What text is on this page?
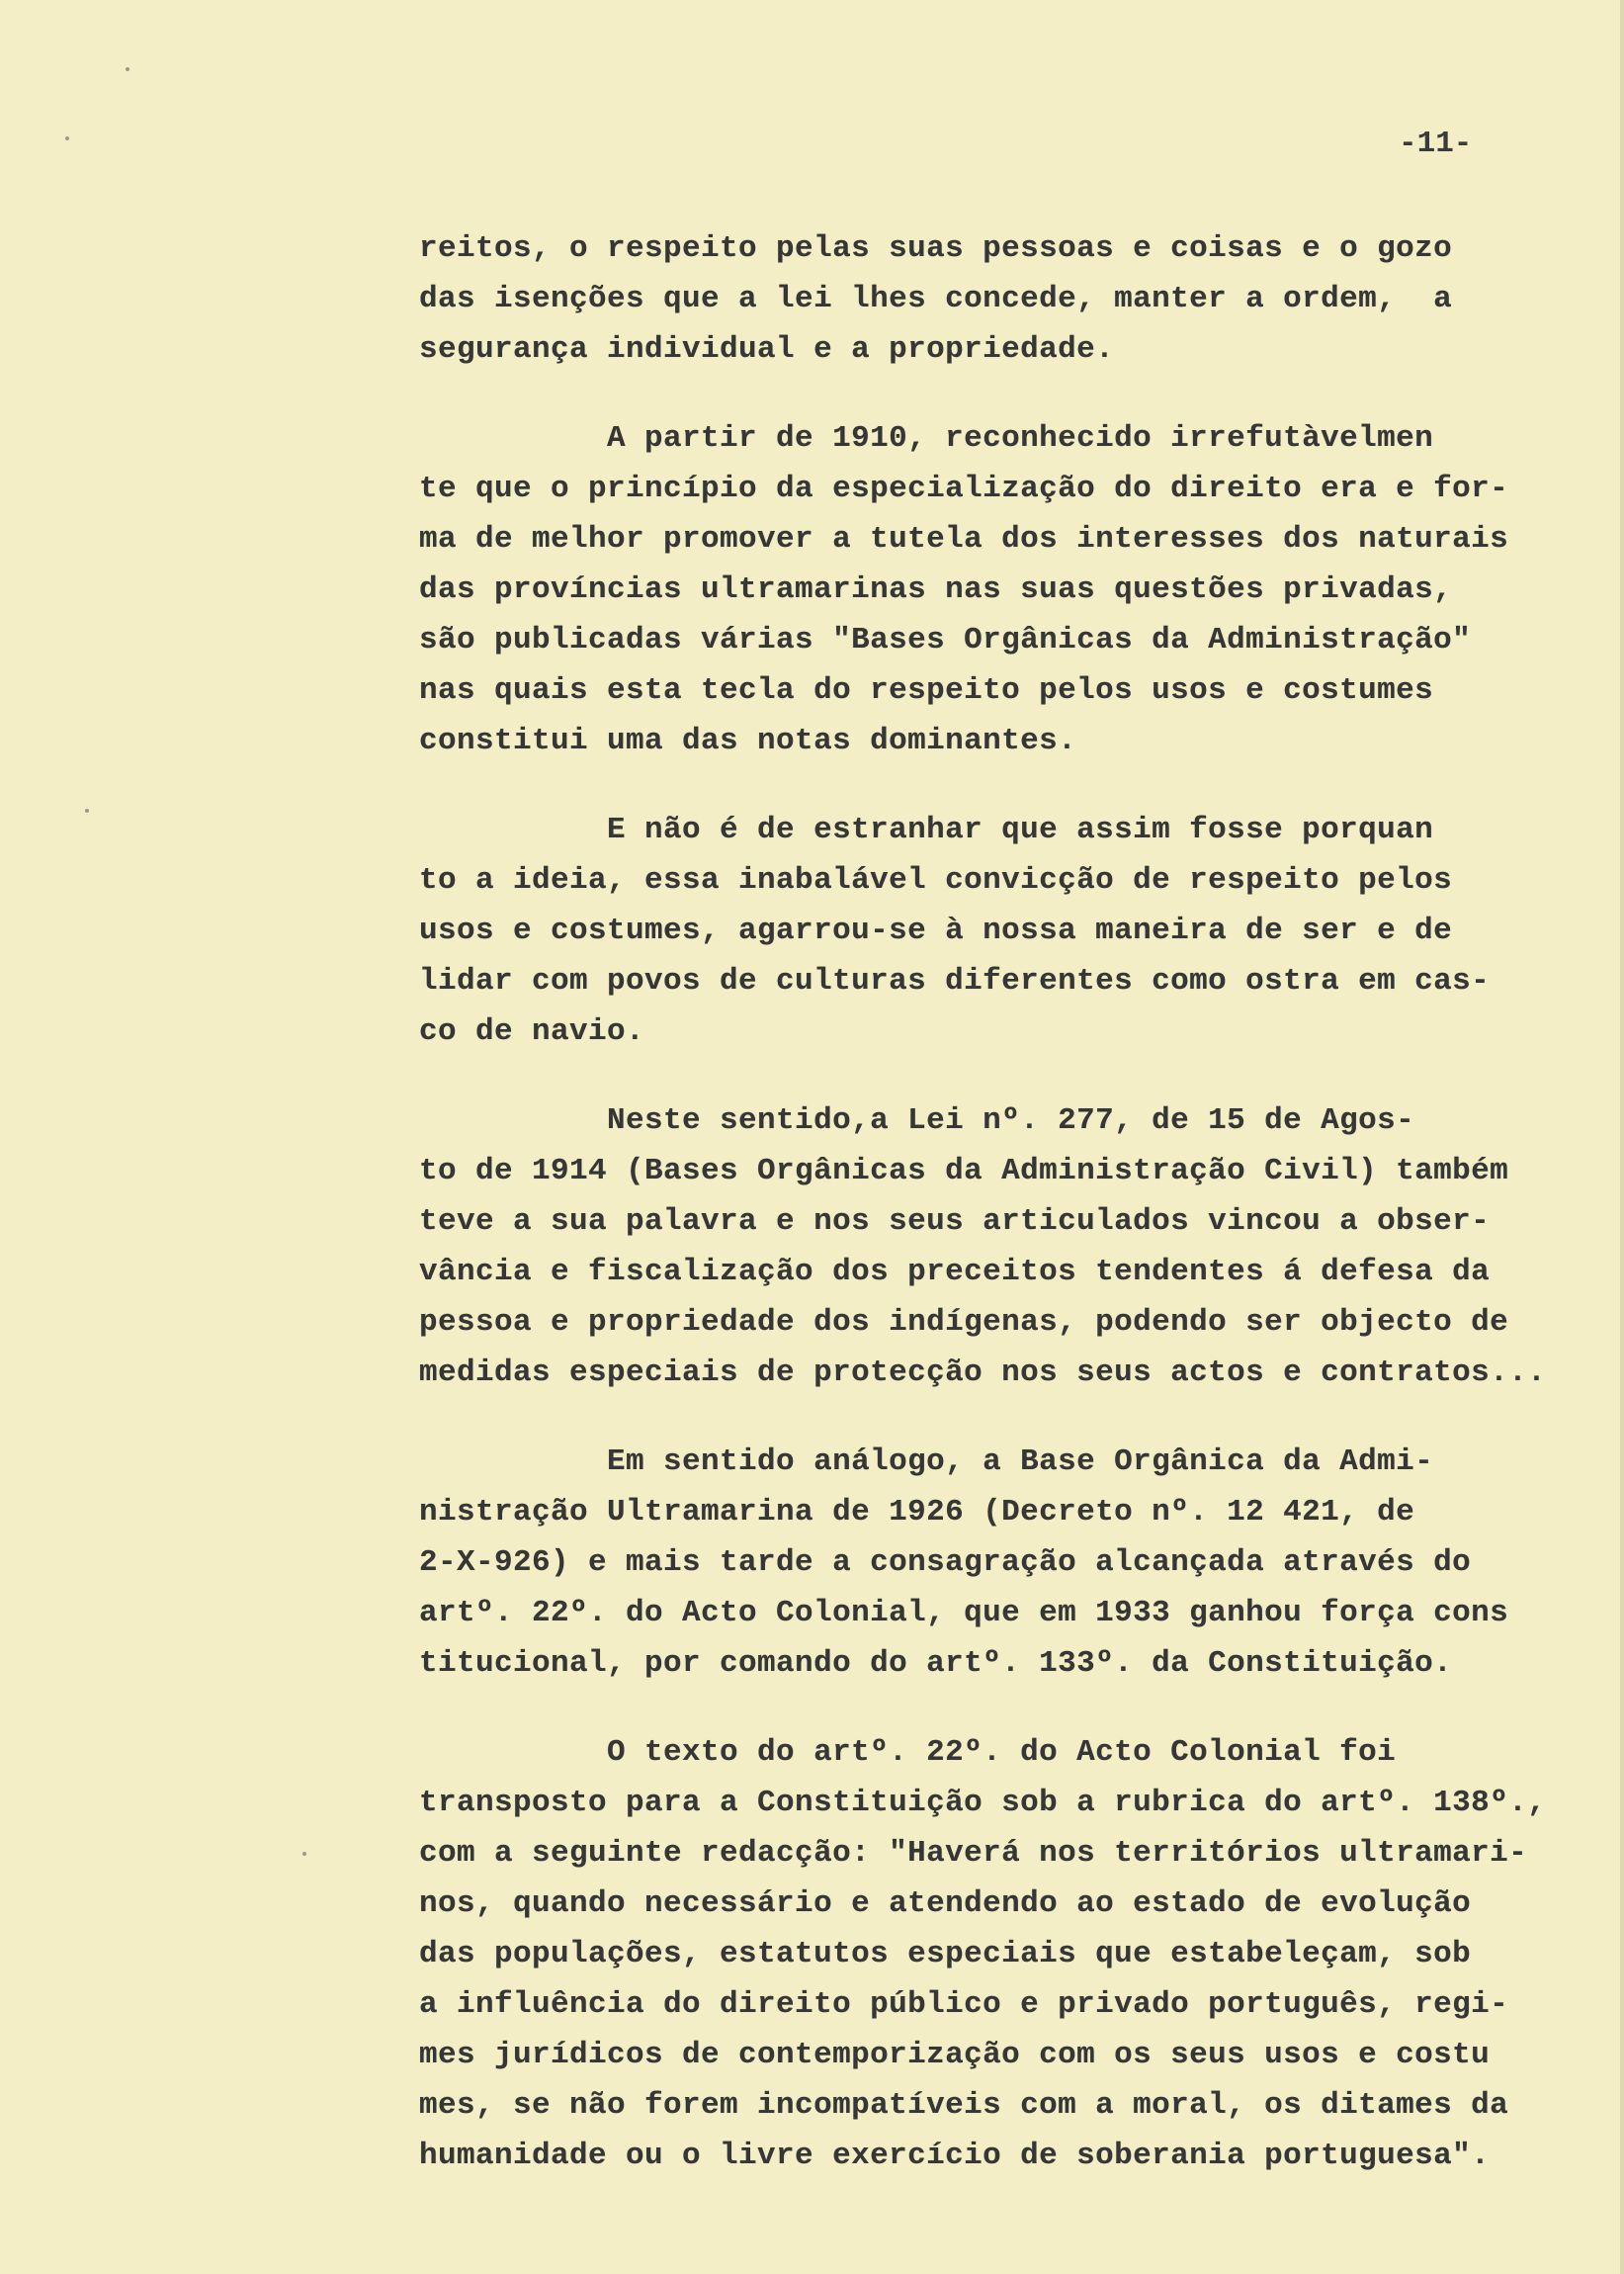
-11-

reitos, o respeito pelas suas pessoas e coisas e o gozo
das isenções que a lei lhes concede, manter a ordem,  a
segurança individual e a propriedade.
A partir de 1910, reconhecido irrefutàvelmen
te que o princípio da especialização do direito era e for-
ma de melhor promover a tutela dos interesses dos naturais
das províncias ultramarinas nas suas questões privadas,
são publicadas várias "Bases Orgânicas da Administração"
nas quais esta tecla do respeito pelos usos e costumes
constitui uma das notas dominantes.
E não é de estranhar que assim fosse porquan
to a ideia, essa inabalável convicção de respeito pelos
usos e costumes, agarrou-se à nossa maneira de ser e de
lidar com povos de culturas diferentes como ostra em cas-
co de navio.
Neste sentido,a Lei nº. 277, de 15 de Agos-
to de 1914 (Bases Orgânicas da Administração Civil) também
teve a sua palavra e nos seus articulados vincou a obser-
vância e fiscalização dos preceitos tendentes á defesa da
pessoa e propriedade dos indígenas, podendo ser objecto de
medidas especiais de protecção nos seus actos e contratos...
Em sentido análogo, a Base Orgânica da Admi-
nistração Ultramarina de 1926 (Decreto nº. 12 421, de
2-X-926) e mais tarde a consagração alcançada através do
artº. 22º. do Acto Colonial, que em 1933 ganhou força cons
titucional, por comando do artº. 133º. da Constituição.
O texto do artº. 22º. do Acto Colonial foi
transposto para a Constituição sob a rubrica do artº. 138º.,
com a seguinte redacção: "Haverá nos territórios ultramari-
nos, quando necessário e atendendo ao estado de evolução
das populações, estatutos especiais que estabeleçam, sob
a influência do direito público e privado português, regi-
mes jurídicos de contemporização com os seus usos e costu
mes, se não forem incompatíveis com a moral, os ditames da
humanidade ou o livre exercício de soberania portuguesa".
